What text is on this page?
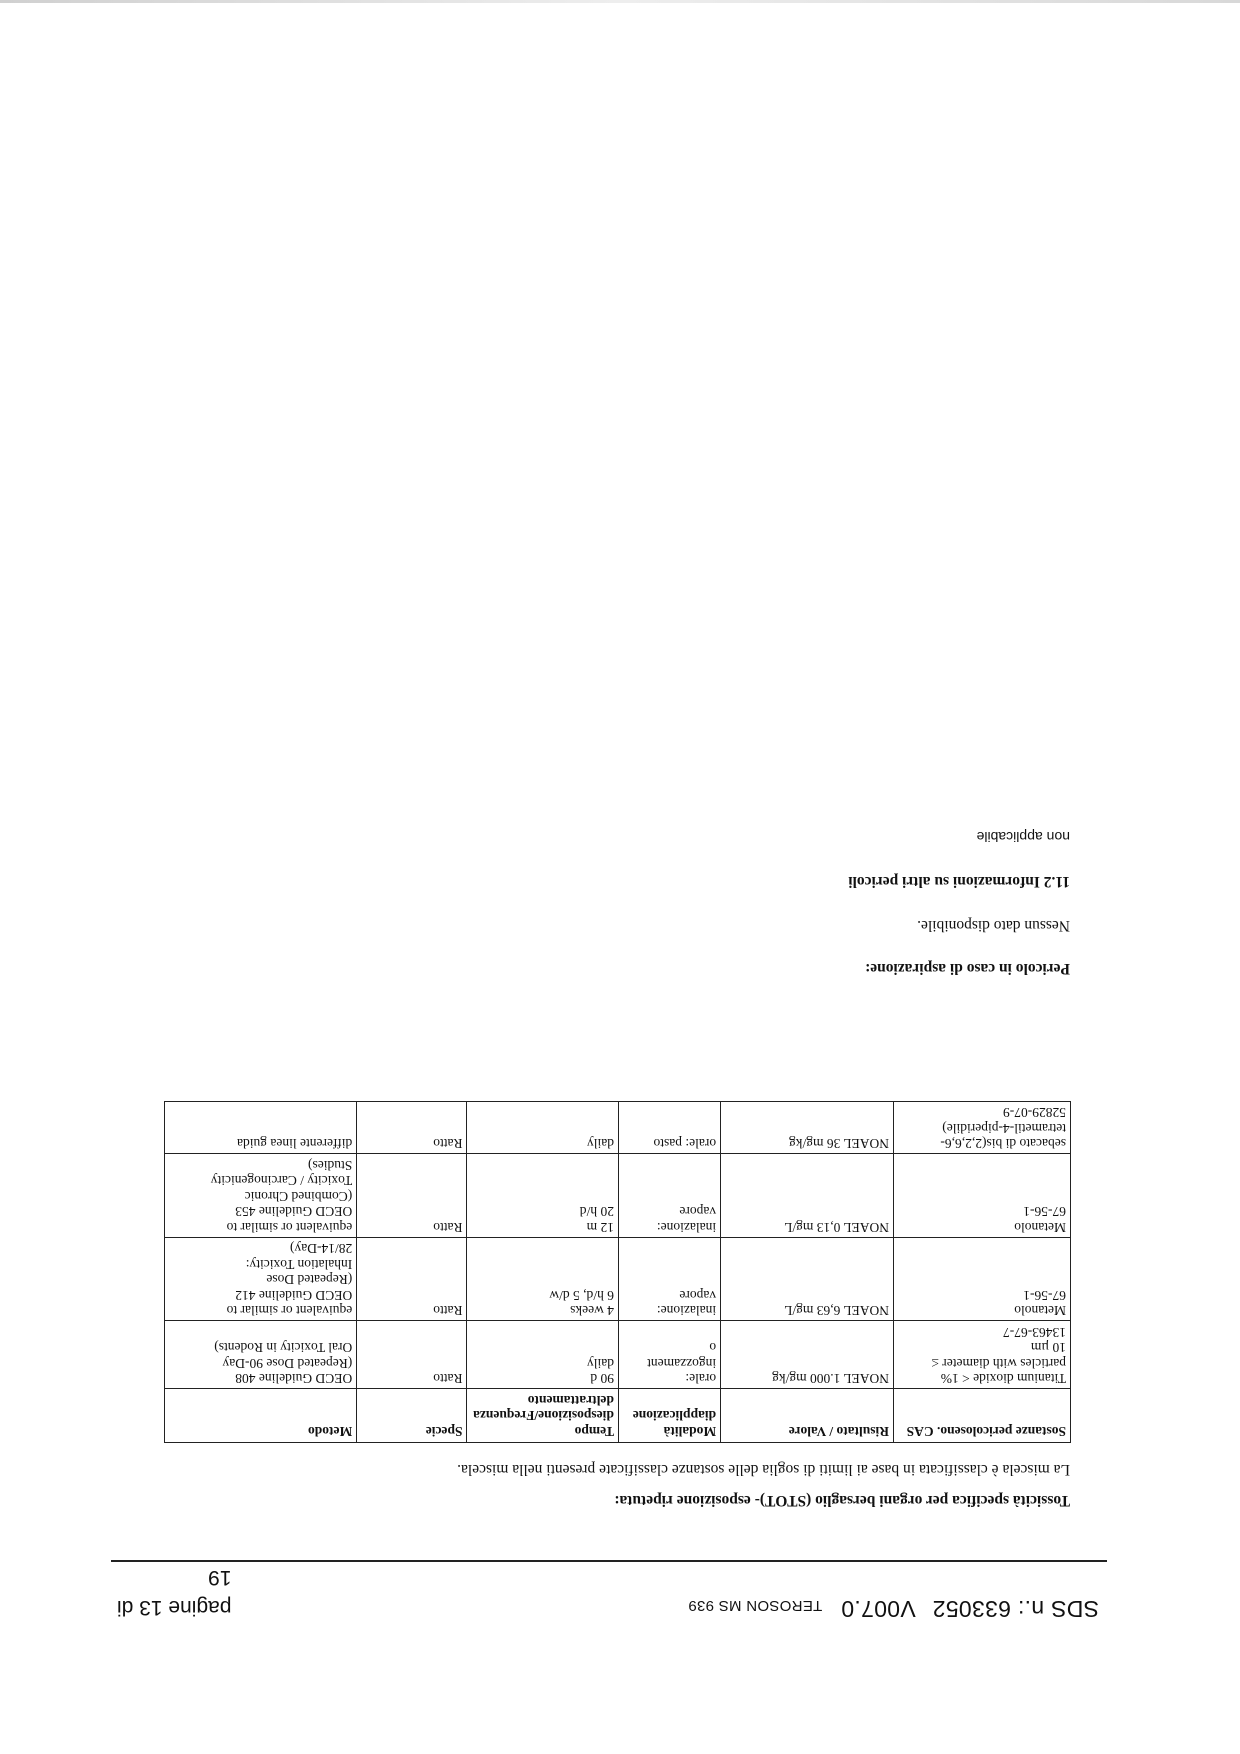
SDS n.: 633052 V007.0 TEROSON MS 939
pagine 13 di
19
Tossicità specifica per organi bersaglio (STOT)- esposizione ripetuta:
La miscela è classificata in base ai limiti di soglia delle sostanze classificate presenti nella miscela.
Sostanze pericoloseno. CAS	Risultato / Valore	Modalità diapplicazione	Tempo diesposizione/Frequenza deltrattamento	Specie	Metodo

Titanium dioxide < 1%
particles with diameter ≤
10 µm
13463-67-7	NOAEL 1.000 mg/kg	orale:
ingozzament
o	90 d
daily	Ratto	OECD Guideline 408
(Repeated Dose 90-Day
Oral Toxicity in Rodents)

Metanolo
67-56-1	NOAEL 6,63 mg/L	inalazione:
vapore	4 weeks
6 h/d, 5 d/w	Ratto	equivalent or similar to
OECD Guideline 412
(Repeated Dose
Inhalation Toxicity:
28/14-Day)

Metanolo
67-56-1	NOAEL 0,13 mg/L	inalazione:
vapore	12 m
20 h/d	Ratto	equivalent or similar to
OECD Guideline 453
(Combined Chronic
Toxicity / Carcinogenicity
Studies)

sebacato di bis(2,2,6,6-
tetrametil-4-piperidile)
52829-07-9	NOAEL 36 mg/kg	orale: pasto	daily	Ratto	differente linea guida
Pericolo in caso di aspirazione:
Nessun dato disponibile.
11.2 Informazioni su altri pericoli
non applicabile
